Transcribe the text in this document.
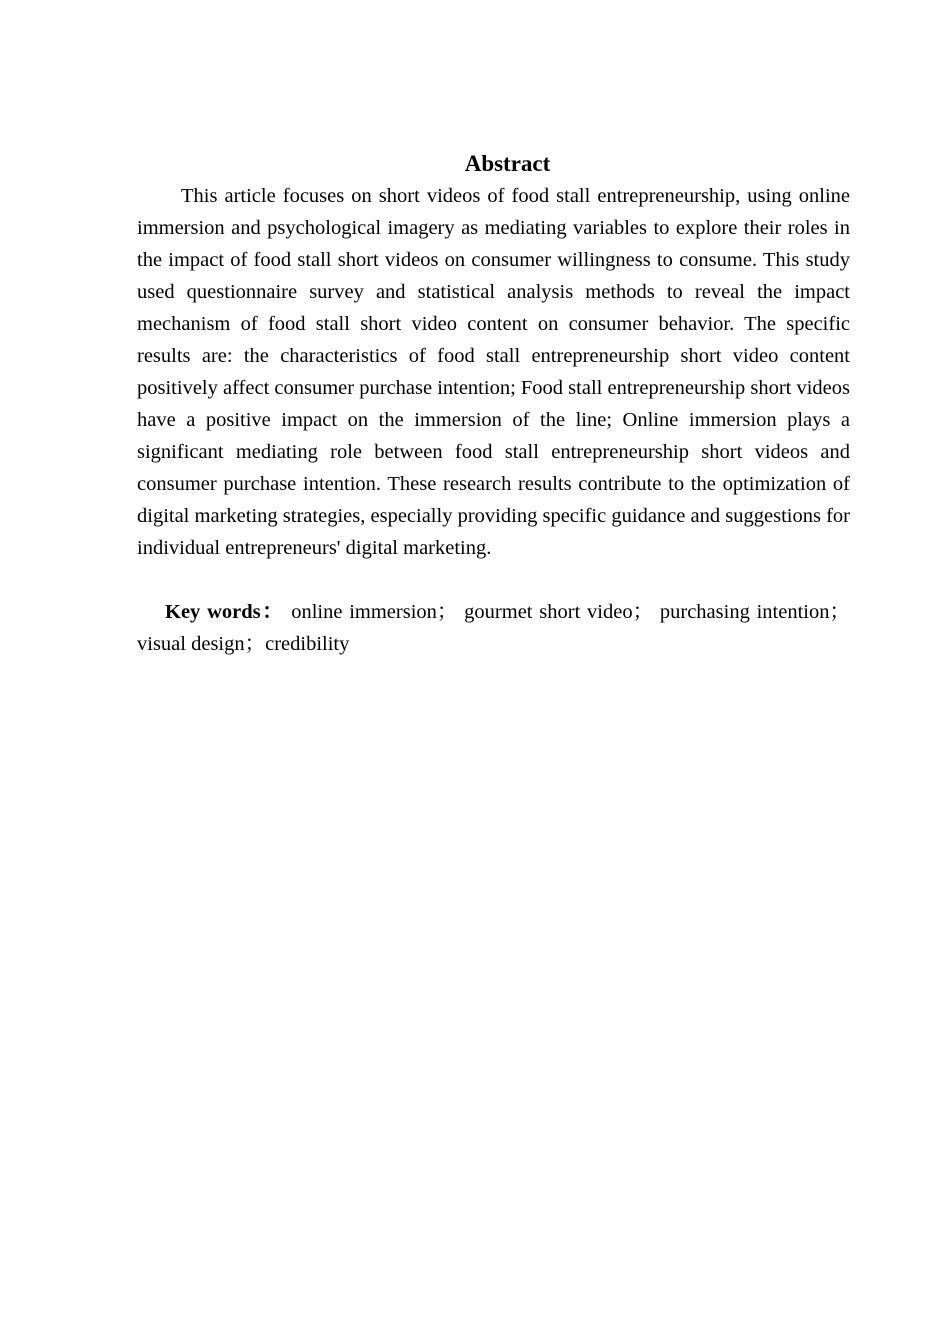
Abstract

This article focuses on short videos of food stall entrepreneurship, using online immersion and psychological imagery as mediating variables to explore their roles in the impact of food stall short videos on consumer willingness to consume. This study used questionnaire survey and statistical analysis methods to reveal the impact mechanism of food stall short video content on consumer behavior. The specific results are: the characteristics of food stall entrepreneurship short video content positively affect consumer purchase intention; Food stall entrepreneurship short videos have a positive impact on the immersion of the line; Online immersion plays a significant mediating role between food stall entrepreneurship short videos and consumer purchase intention. These research results contribute to the optimization of digital marketing strategies, especially providing specific guidance and suggestions for individual entrepreneurs' digital marketing.

Key words： online immersion； gourmet short video； purchasing intention；visual design；credibility
